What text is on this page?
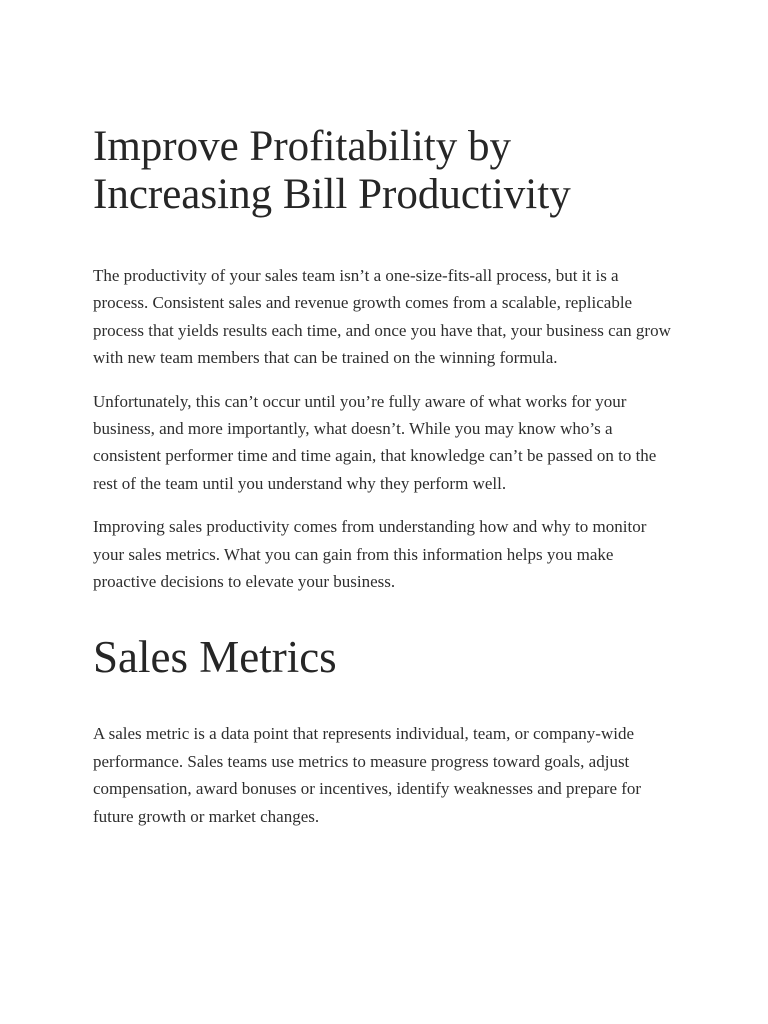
Improve Profitability by Increasing Bill Productivity

The productivity of your sales team isn’t a one-size-fits-all process, but it is a process. Consistent sales and revenue growth comes from a scalable, replicable process that yields results each time, and once you have that, your business can grow with new team members that can be trained on the winning formula.

Unfortunately, this can’t occur until you’re fully aware of what works for your business, and more importantly, what doesn’t. While you may know who’s a consistent performer time and time again, that knowledge can’t be passed on to the rest of the team until you understand why they perform well.

Improving sales productivity comes from understanding how and why to monitor your sales metrics. What you can gain from this information helps you make proactive decisions to elevate your business.

Sales Metrics

A sales metric is a data point that represents individual, team, or company-wide performance. Sales teams use metrics to measure progress toward goals, adjust compensation, award bonuses or incentives, identify weaknesses and prepare for future growth or market changes.
